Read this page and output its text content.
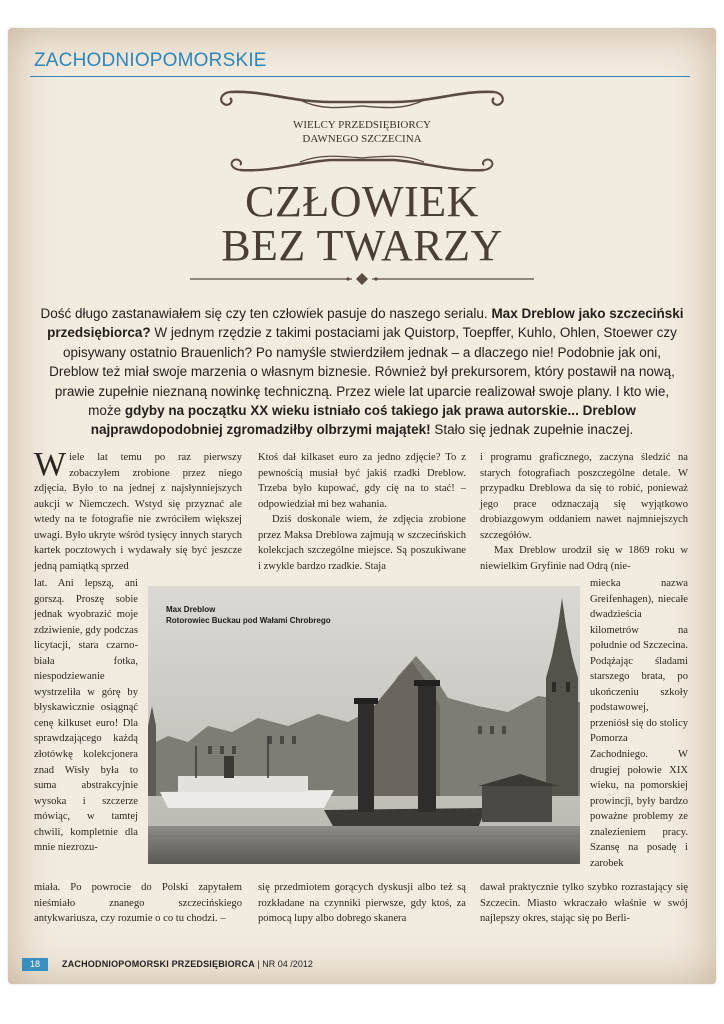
ZACHODNIOPOMORSKIE
WIELCY PRZEDSIĘBIORCY
DAWNEGO SZCZECINA
CZŁOWIEK
BEZ TWARZY
Dość długo zastanawiałem się czy ten człowiek pasuje do naszego serialu. Max Dreblow jako szczeciński przedsiębiorca? W jednym rzędzie z takimi postaciami jak Quistorp, Toepffer, Kuhlo, Ohlen, Stoewer czy opisywany ostatnio Brauenlich? Po namyśle stwierdziłem jednak – a dlaczego nie! Podobnie jak oni, Dreblow też miał swoje marzenia o własnym biznesie. Również był prekursorem, który postawił na nową, prawie zupełnie nieznaną nowinkę techniczną. Przez wiele lat uparcie realizował swoje plany. I kto wie, może gdyby na początku XX wieku istniało coś takiego jak prawa autorskie... Dreblow najprawdopodobniej zgromadziłby olbrzymi majątek! Stało się jednak zupełnie inaczej.

Wiele lat temu po raz pierwszy zobaczyłem zrobione przez niego zdjęcia. Było to na jednej z najsłynniejszych aukcji w Niemczech. Wstyd się przyznać ale wtedy na te fotografie nie zwróciłem większej uwagi. Było ukryte wśród tysięcy innych starych kartek pocztowych i wydawały się być jeszcze jedną pamiątką sprzed

lat. Ani lepszą, ani gorszą. Proszę sobie jednak wyobrazić moje zdziwienie, gdy podczas licytacji, stara czarno-biała fotka, niespodziewanie wystrzeliła w górę by błyskawicznie osiągnąć cenę kilkuset euro! Dla sprawdzającego każdą złotówkę kolekcjonera znad Wisły była to suma abstrakcyjnie wysoka i szczerze mówiąc, w tamtej chwili, kompletnie dla mnie niezrozu-

miała. Po powrocie do Polski zapytałem nieśmiało znanego szczecińskiego antykwariusza, czy rozumie o co tu chodzi. –

Ktoś dał kilkaset euro za jedno zdjęcie? To z pewnością musiał być jakiś rzadki Dreblow. Trzeba było kupować, gdy cię na to stać! – odpowiedział mi bez wahania.

Dziś doskonale wiem, że zdjęcia zrobione przez Maksa Dreblowa zajmują w szczecińskich kolekcjach szczególne miejsce. Są poszukiwane i zwykle bardzo rzadkie. Staja

się przedmiotem gorących dyskusji albo też są rozkładane na czynniki pierwsze, gdy ktoś, za pomocą lupy albo dobrego skanera

i programu graficznego, zaczyna śledzić na starych fotografiach poszczególne detale. W przypadku Dreblowa da się to robić, ponieważ jego prace odznaczają się wyjątkowo drobiazgowym oddaniem nawet najmniejszych szczegółów.

Max Dreblow urodził się w 1869 roku w niewielkim Gryfinie nad Odrą (nie-

miecka nazwa Greifenhagen), niecałe dwadzieścia kilometrów na południe od Szczecina. Podążając śladami starszego brata, po ukończeniu szkoły podstawowej, przeniósł się do stolicy Pomorza Zachodniego. W drugiej połowie XIX wieku, na pomorskiej prowincji, były bardzo poważne problemy ze znalezieniem pracy. Szansę na posadę i zarobek

dawał praktycznie tylko szybko rozrastający się Szczecin. Miasto wkraczało właśnie w swój najlepszy okres, stając się po Berli-

Max Dreblow
Rotorowiec Buckau pod Wałami Chrobrego
18	ZACHODNIOPOMORSKI PRZEDSIĘBIORCA | NR 04 /2012
